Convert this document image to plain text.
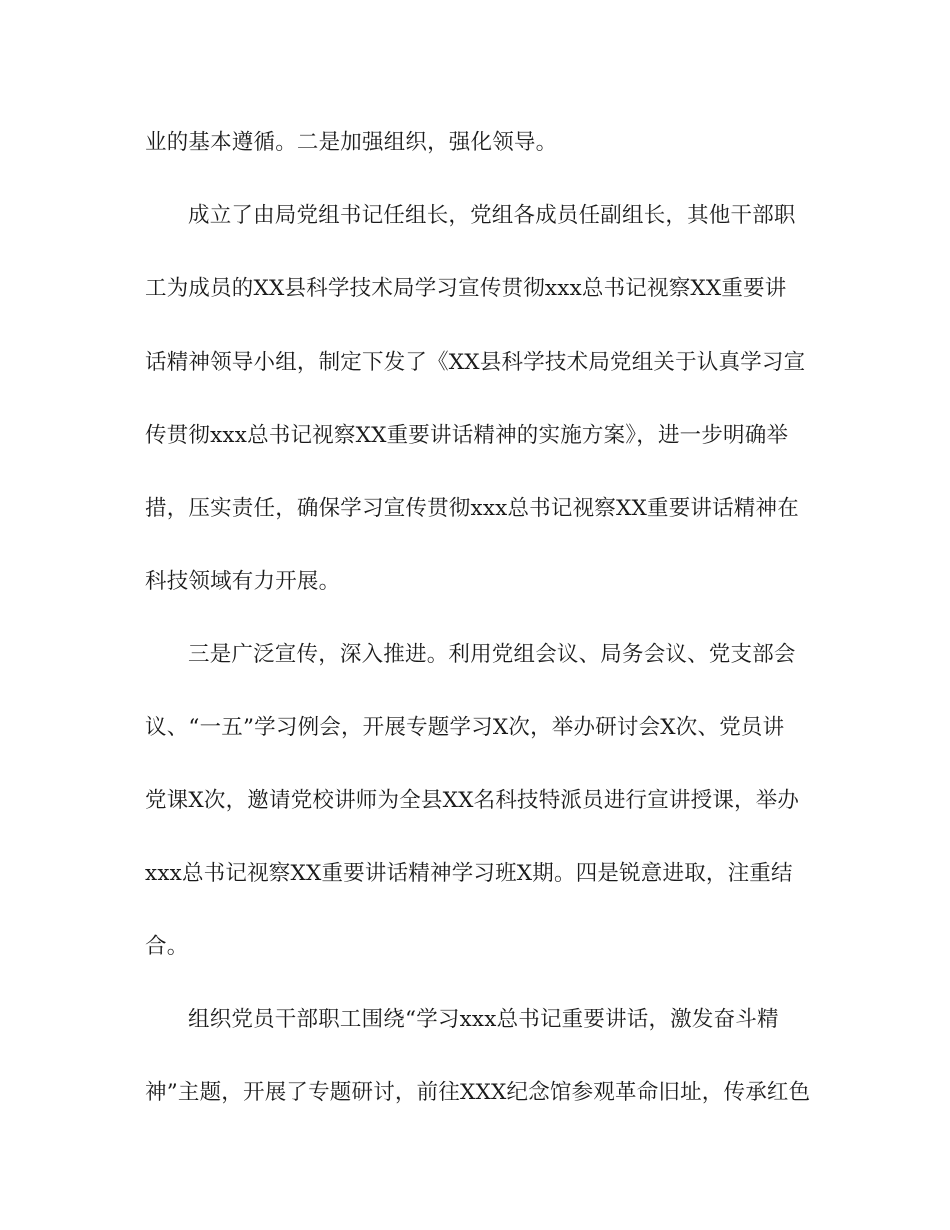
业的基本遵循。二是加强组织，强化领导。
成立了由局党组书记任组长，党组各成员任副组长，其他干部职
工为成员的XX县科学技术局学习宣传贯彻xxx总书记视察XX重要讲
话精神领导小组，制定下发了《XX县科学技术局党组关于认真学习宣
传贯彻xxx总书记视察XX重要讲话精神的实施方案》，进一步明确举
措，压实责任，确保学习宣传贯彻xxx总书记视察XX重要讲话精神在
科技领域有力开展。
三是广泛宣传，深入推进。利用党组会议、局务会议、党支部会
议、“一五”学习例会，开展专题学习X次，举办研讨会X次、党员讲
党课X次，邀请党校讲师为全县XX名科技特派员进行宣讲授课，举办
xxx总书记视察XX重要讲话精神学习班X期。四是锐意进取，注重结
合。
组织党员干部职工围绕“学习xxx总书记重要讲话，激发奋斗精
神”主题，开展了专题研讨，前往XXX纪念馆参观革命旧址，传承红色
